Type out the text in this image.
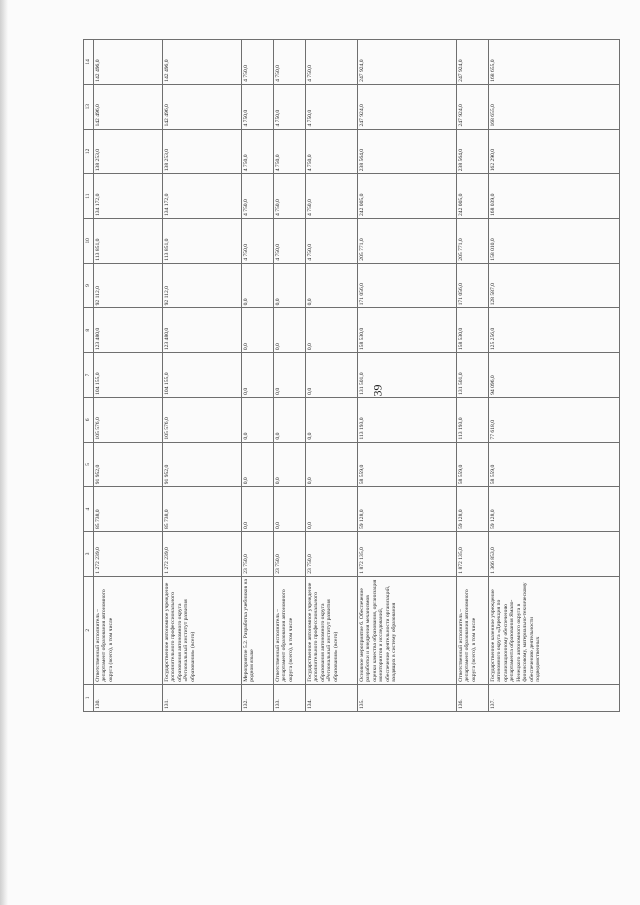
39
1	2	3	4	5	6	7	8	9	10	11	12	13	14
130.	Ответственный исполнитель – департамент образования автономного округа (всего), в том числе	1 272 239,0	85 738,0	91 952,0	105 576,0	104 155,0	123 480,0	92 112,0	113 851,0	134 172,0	138 253,0	142 496,0	142 496,0
131.	Государственное автономное учреждение дополнительного профессионального образования автономного округа «Региональный институт развития образования» (всего)	1 272 239,0	85 738,0	91 952,0	105 576,0	104 155,0	123 480,0	92 112,0	113 851,0	134 172,0	138 253,0	142 496,0	142 496,0
132.	Мероприятие 5.2. Разработка учебников на родном языке	23 750,0	0,0	0,0	0,0	0,0	0,0	0,0	4 750,0	4 750,0	4 750,0	4 750,0	4 750,0
133.	Ответственный исполнитель – департамент образования автономного округа (всего), в том числе	23 750,0	0,0	0,0	0,0	0,0	0,0	0,0	4 750,0	4 750,0	4 750,0	4 750,0	4 750,0
134.	Государственное автономное учреждение дополнительного профессионального образования автономного округа «Региональный институт развития образования» (всего)	23 750,0	0,0	0,0	0,0	0,0	0,0	0,0	4 750,0	4 750,0	4 750,0	4 750,0	4 750,0
135.	Основное мероприятие 6. Обеспечение разработки и внедрения механизмов оценки качества образования, организация мониторингов и исследований, обеспечение деятельности организаций, входящих в систему образования	1 872 135,0	59 128,0	58 559,0	113 193,0	131 501,0	158 530,0	171 056,0	205 771,0	242 005,0	238 564,0	247 924,0	247 924,0
136.	Ответственный исполнитель – департамент образования автономного округа (всего), в том числе	1 872 135,0	59 128,0	58 559,0	113 193,0	131 501,0	158 530,0	171 056,0	205 771,0	242 005,0	238 564,0	247 924,0	247 924,0
137.	Государственное казенное учреждение автономного округа «Дирекция по организационному обеспечению департамента образования Ямало-Ненецкого автономного округа в финансовому, материально-техническому обеспечению деятельности подведомственных	1 366 853,0	59 128,0	58 559,0	77 618,0	94 096,0	125 256,0	128 587,0	158 010,0	168 039,0	162 290,0	168 655,0	168 655,0
